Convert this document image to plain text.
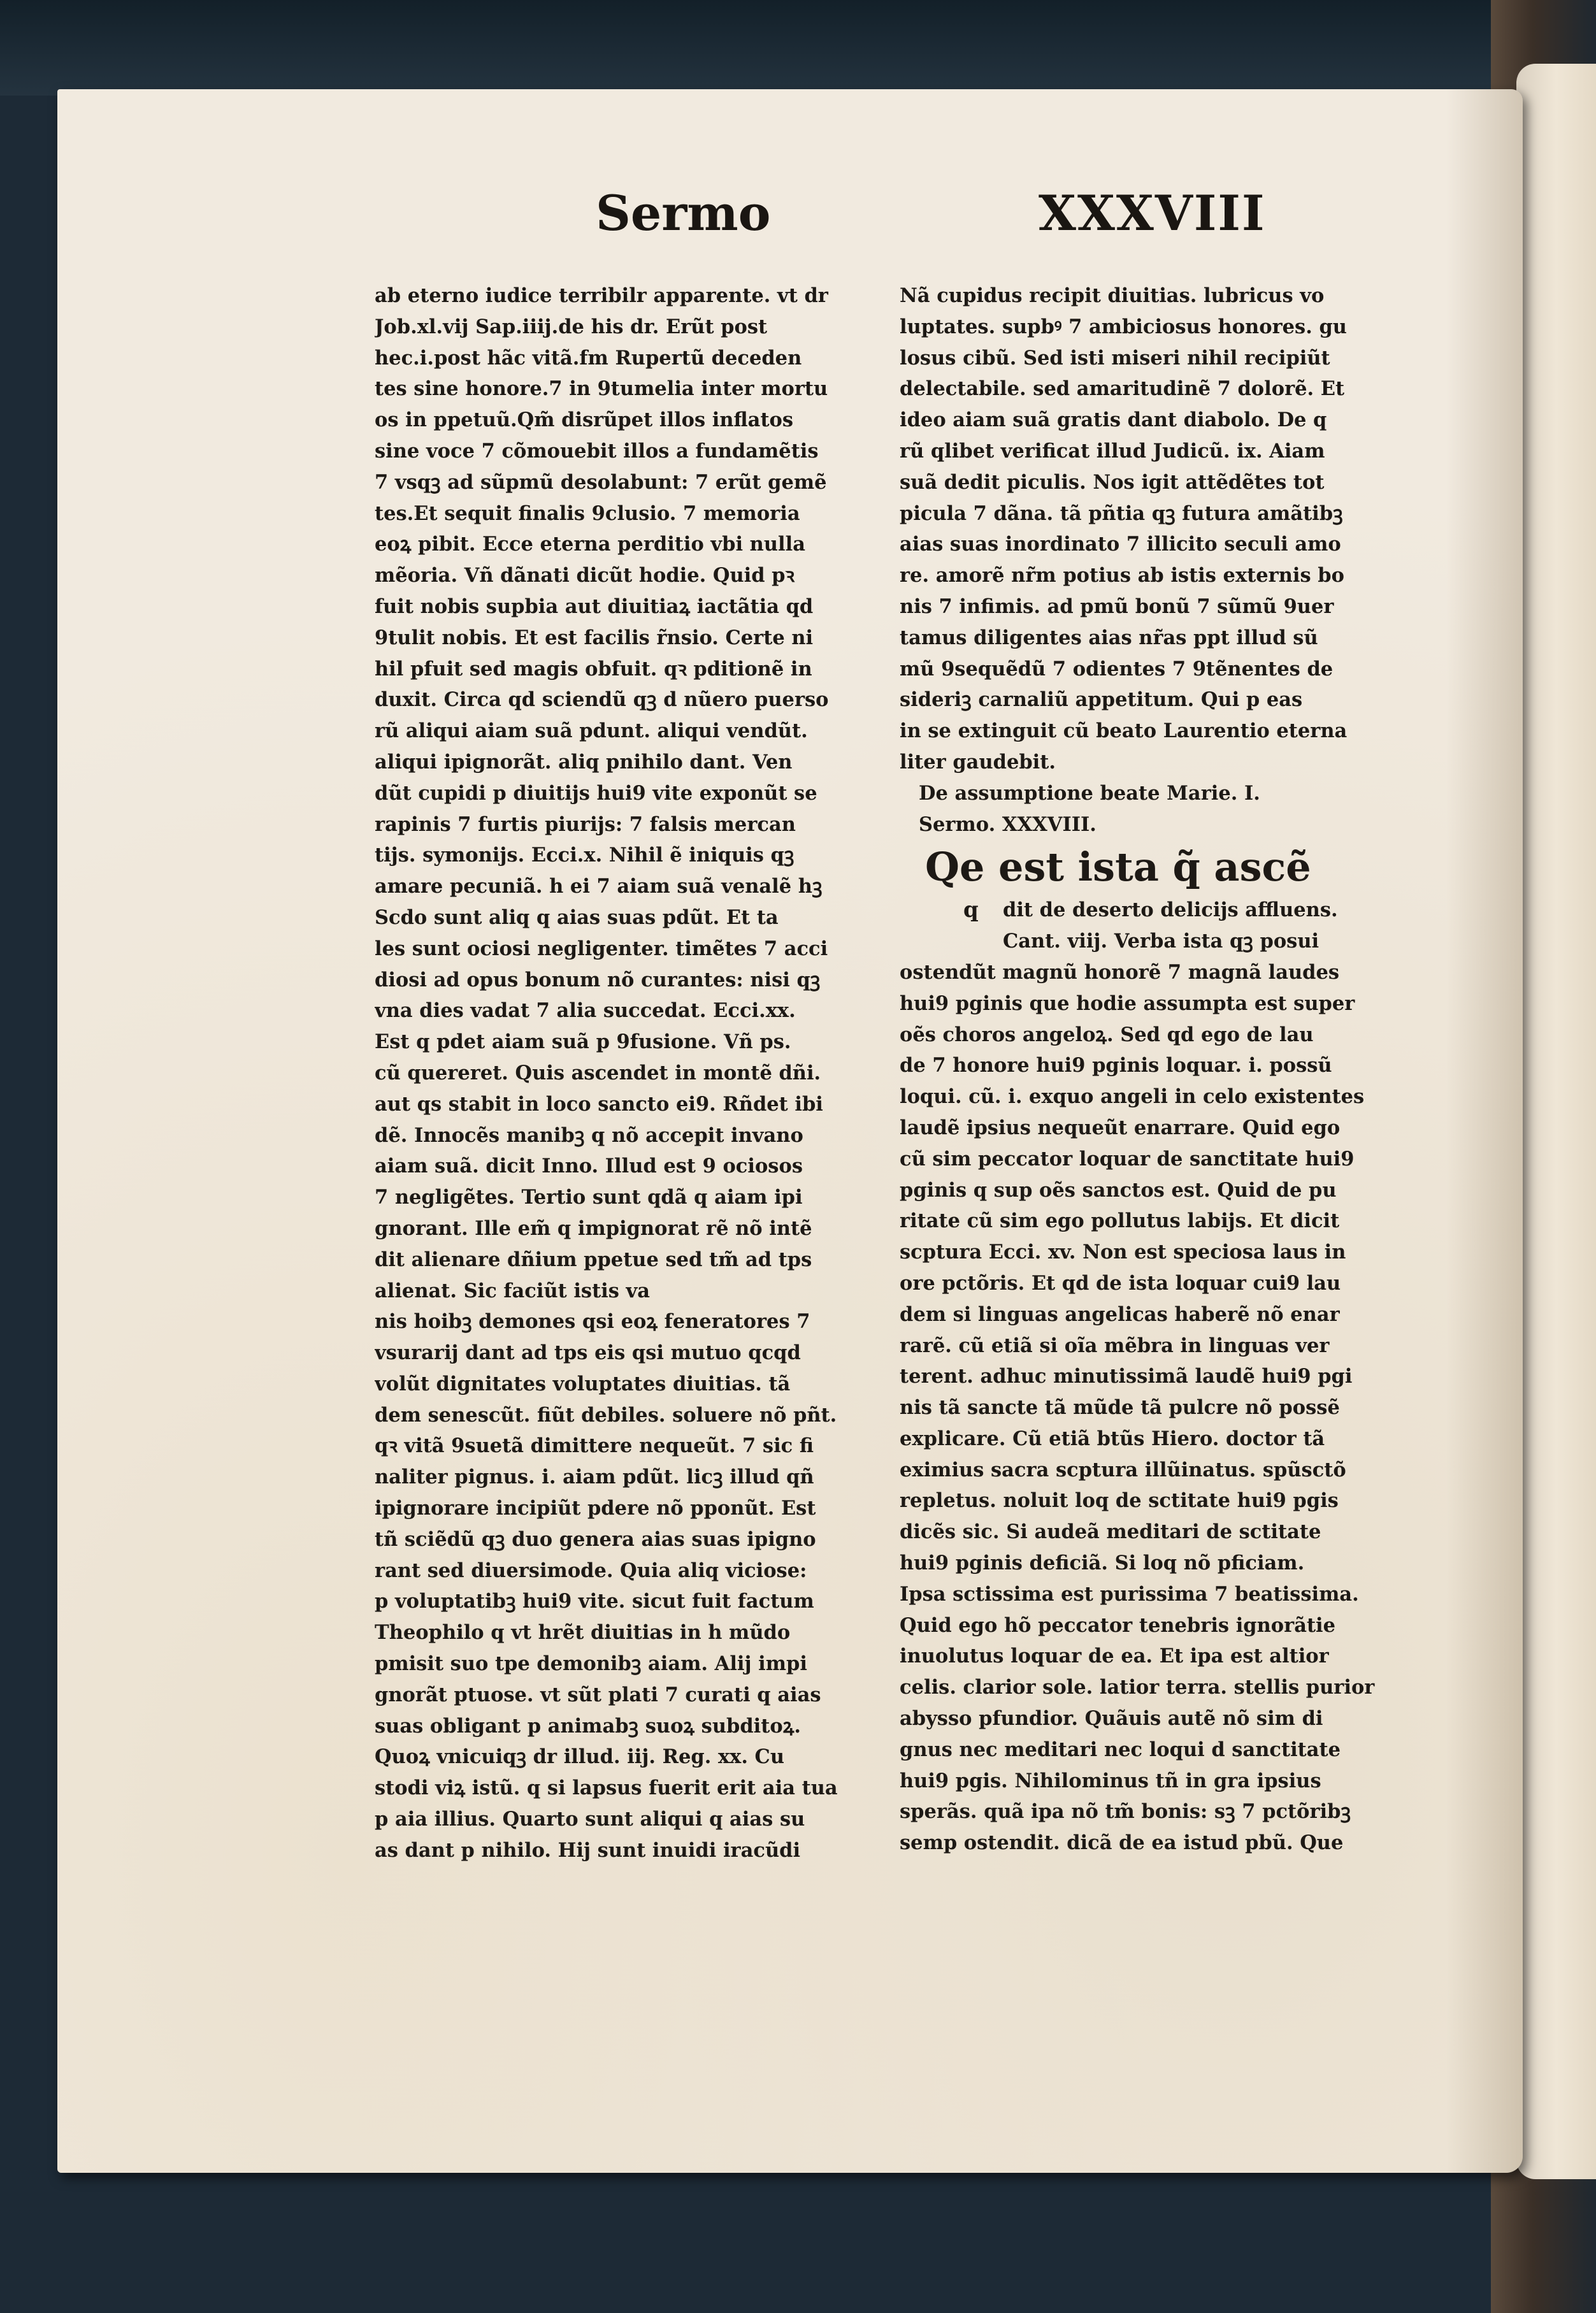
Sermo	XXXVIII
ab eterno iudice terribilr apparente. vt dr
Job.xl.vij Sap.iiij.de his dr. Erũt post
hec.i.post hãc vitã.fm Rupertũ deceden
tes sine honore.7 in 9tumelia inter mortu
os in ppetuũ.Qm̃ disrũpet illos inflatos
sine voce 7 cõmouebit illos a fundamẽtis
7 vsqꝫ ad sũpmũ desolabunt: 7 erũt gemẽ
tes.Et sequit finalis 9clusio. 7 memoria
eoꝝ pibit. Ecce eterna perditio vbi nulla
mẽoria. Vñ dãnati dicũt hodie. Quid pꝛ
fuit nobis supbia aut diuitiaꝝ iactãtia qd
9tulit nobis. Et est facilis r̃nsio. Certe ni
hil pfuit sed magis obfuit. qꝛ pditionẽ in
duxit. Circa qd sciendũ qꝫ d nũero puerso
rũ aliqui aiam suã pdunt. aliqui vendũt.
aliqui ipignorãt. aliq pnihilo dant. Ven
dũt cupidi p diuitijs hui9 vite exponũt se
rapinis 7 furtis piurijs: 7 falsis mercan
tijs. symonijs. Ecci.x. Nihil ẽ iniquis qꝫ
amare pecuniã. h ei 7 aiam suã venalẽ hꝫ
Scdo sunt aliq q aias suas pdũt. Et ta
les sunt ociosi negligenter. timẽtes 7 acci
diosi ad opus bonum nõ curantes: nisi qꝫ
vna dies vadat 7 alia succedat. Ecci.xx.
Est q pdet aiam suã p 9fusione. Vñ ps.
cũ quereret. Quis ascendet in montẽ dñi.
aut qs stabit in loco sancto ei9. Rñdet ibi
dẽ. Innocẽs manibꝫ q nõ accepit invano
aiam suã. dicit Inno. Illud est 9 ociosos
7 negligẽtes. Tertio sunt qdã q aiam ipi
gnorant. Ille em̃ q impignorat rẽ nõ intẽ
dit alienare dñium ppetue sed tm̃ ad tps
alienat. Sic faciũt istis va
nis hoibꝫ demones qsi eoꝝ feneratores 7
vsurarij dant ad tps eis qsi mutuo qcqd
volũt dignitates voluptates diuitias. tã
dem senescũt. fiũt debiles. soluere nõ pñt.
qꝛ vitã 9suetã dimittere nequeũt. 7 sic fi
naliter pignus. i. aiam pdũt. licꝫ illud qñ
ipignorare incipiũt pdere nõ pponũt. Est
tñ sciẽdũ qꝫ duo genera aias suas ipigno
rant sed diuersimode. Quia aliq viciose:
p voluptatibꝫ hui9 vite. sicut fuit factum
Theophilo q vt hrẽt diuitias in h mũdo
pmisit suo tpe demonibꝫ aiam. Alij impi
gnorãt ptuose. vt sũt plati 7 curati q aias
suas obligant p animabꝫ suoꝝ subditoꝝ.
Quoꝝ vnicuiqꝫ dr illud. iij. Reg. xx. Cu
stodi viꝝ istũ. q si lapsus fuerit erit aia tua
p aia illius. Quarto sunt aliqui q aias su
as dant p nihilo. Hij sunt inuidi iracũdi
Nã cupidus recipit diuitias. lubricus vo
luptates. supbꝰ 7 ambiciosus honores. gu
losus cibũ. Sed isti miseri nihil recipiũt
delectabile. sed amaritudinẽ 7 dolorẽ. Et
ideo aiam suã gratis dant diabolo. De q
rũ qlibet verificat illud Judicũ. ix. Aiam
suã dedit piculis. Nos igit attẽdẽtes tot
picula 7 dãna. tã pñtia qꝫ futura amãtibꝫ
aias suas inordinato 7 illicito seculi amo
re. amorẽ nr̃m potius ab istis externis bo
nis 7 infimis. ad pmũ bonũ 7 sũmũ 9uer
tamus diligentes aias nr̃as ppt illud sũ
mũ 9sequẽdũ 7 odientes 7 9tẽnentes de
sideriꝫ carnaliũ appetitum. Qui p eas
in se extinguit cũ beato Laurentio eterna
liter gaudebit.
De assumptione beate Marie. I.
Sermo. XXXVIII.
Qe est ista q̃ ascẽ
q	dit de deserto delicijs affluens.
Cant. viij. Verba ista qꝫ posui
ostendũt magnũ honorẽ 7 magnã laudes
hui9 pginis que hodie assumpta est super
oẽs choros angeloꝝ. Sed qd ego de lau
de 7 honore hui9 pginis loquar. i. possũ
loqui. cũ. i. exquo angeli in celo existentes
laudẽ ipsius nequeũt enarrare. Quid ego
cũ sim peccator loquar de sanctitate hui9
pginis q sup oẽs sanctos est. Quid de pu
ritate cũ sim ego pollutus labijs. Et dicit
scptura Ecci. xv. Non est speciosa laus in
ore pctõris. Et qd de ista loquar cui9 lau
dem si linguas angelicas haberẽ nõ enar
rarẽ. cũ etiã si oĩa mẽbra in linguas ver
terent. adhuc minutissimã laudẽ hui9 pgi
nis tã sancte tã mũde tã pulcre nõ possẽ
explicare. Cũ etiã btũs Hiero. doctor tã
eximius sacra scptura illũinatus. spũsctõ
repletus. noluit loq de sctitate hui9 pgis
dicẽs sic. Si audeã meditari de sctitate
hui9 pginis deficiã. Si loq nõ pficiam.
Ipsa sctissima est purissima 7 beatissima.
Quid ego hõ peccator tenebris ignorãtie
inuolutus loquar de ea. Et ipa est altior
celis. clarior sole. latior terra. stellis purior
abysso pfundior. Quãuis autẽ nõ sim di
gnus nec meditari nec loqui d sanctitate
hui9 pgis. Nihilominus tñ in gra ipsius
sperãs. quã ipa nõ tm̃ bonis: sꝫ 7 pctõribꝫ
semp ostendit. dicã de ea istud pbũ. Que
